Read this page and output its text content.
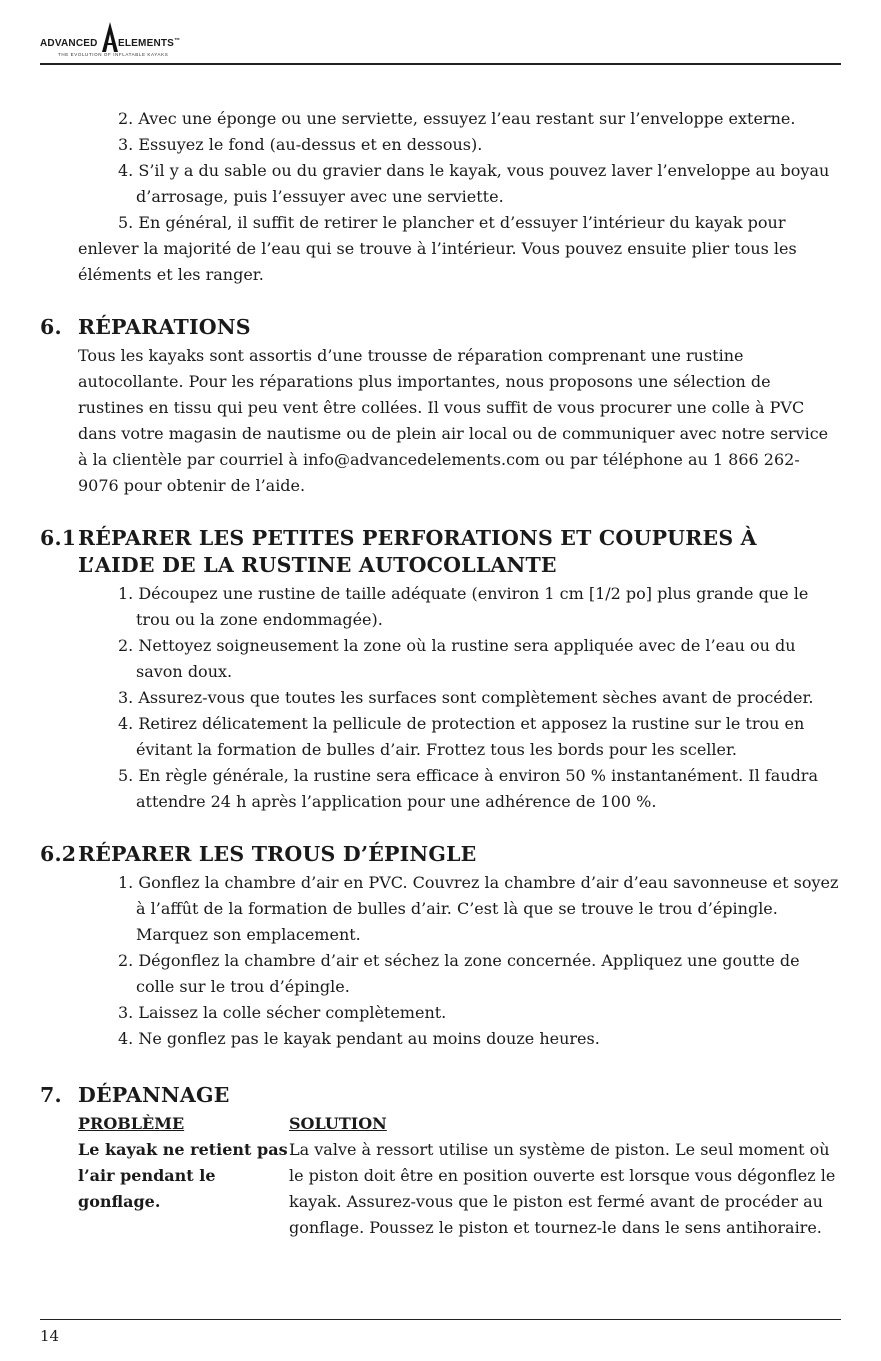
ADVANCED ELEMENTS™
THE EVOLUTION OF INFLATABLE KAYAKS

2. Avec une éponge ou une serviette, essuyez l’eau restant sur l’enveloppe externe.

3. Essuyez le fond (au-dessus et en dessous).

4. S’il y a du sable ou du gravier dans le kayak, vous pouvez laver l’enveloppe au boyau d’arrosage, puis l’essuyer avec une serviette.

5. En général, il suffit de retirer le plancher et d’essuyer l’intérieur du kayak pour enlever la majorité de l’eau qui se trouve à l’intérieur. Vous pouvez ensuite plier tous les éléments et les ranger.

6. RÉPARATIONS

Tous les kayaks sont assortis d’une trousse de réparation comprenant une rustine autocollante. Pour les réparations plus importantes, nous proposons une sélection de rustines en tissu qui peu vent être collées. Il vous suffit de vous procurer une colle à PVC dans votre magasin de nautisme ou de plein air local ou de communiquer avec notre service à la clientèle par courriel à info@advancedelements.com ou par téléphone au 1 866 262-9076 pour obtenir de l’aide.

6.1 RÉPARER LES PETITES PERFORATIONS ET COUPURES À L’AIDE DE LA RUSTINE AUTOCOLLANTE

1. Découpez une rustine de taille adéquate (environ 1 cm [1/2 po] plus grande que le trou ou la zone endommagée).

2. Nettoyez soigneusement la zone où la rustine sera appliquée avec de l’eau ou du savon doux.

3. Assurez-vous que toutes les surfaces sont complètement sèches avant de procéder.

4. Retirez délicatement la pellicule de protection et apposez la rustine sur le trou en évitant la formation de bulles d’air. Frottez tous les bords pour les sceller.

5. En règle générale, la rustine sera efficace à environ 50 % instantanément. Il faudra attendre 24 h après l’application pour une adhérence de 100 %.

6.2 RÉPARER LES TROUS D’ÉPINGLE

1. Gonflez la chambre d’air en PVC. Couvrez la chambre d’air d’eau savonneuse et soyez à l’affût de la formation de bulles d’air. C’est là que se trouve le trou d’épingle. Marquez son emplacement.

2. Dégonflez la chambre d’air et séchez la zone concernée. Appliquez une goutte de colle sur le trou d’épingle.

3. Laissez la colle sécher complètement.

4. Ne gonflez pas le kayak pendant au moins douze heures.

7. DÉPANNAGE
PROBLÈME	SOLUTION
Le kayak ne retient pas l’air pendant le gonflage.
La valve à ressort utilise un système de piston. Le seul moment où le piston doit être en position ouverte est lorsque vous dégonflez le kayak. Assurez-vous que le piston est fermé avant de procéder au gonflage. Poussez le piston et tournez-le dans le sens antihoraire.
14
